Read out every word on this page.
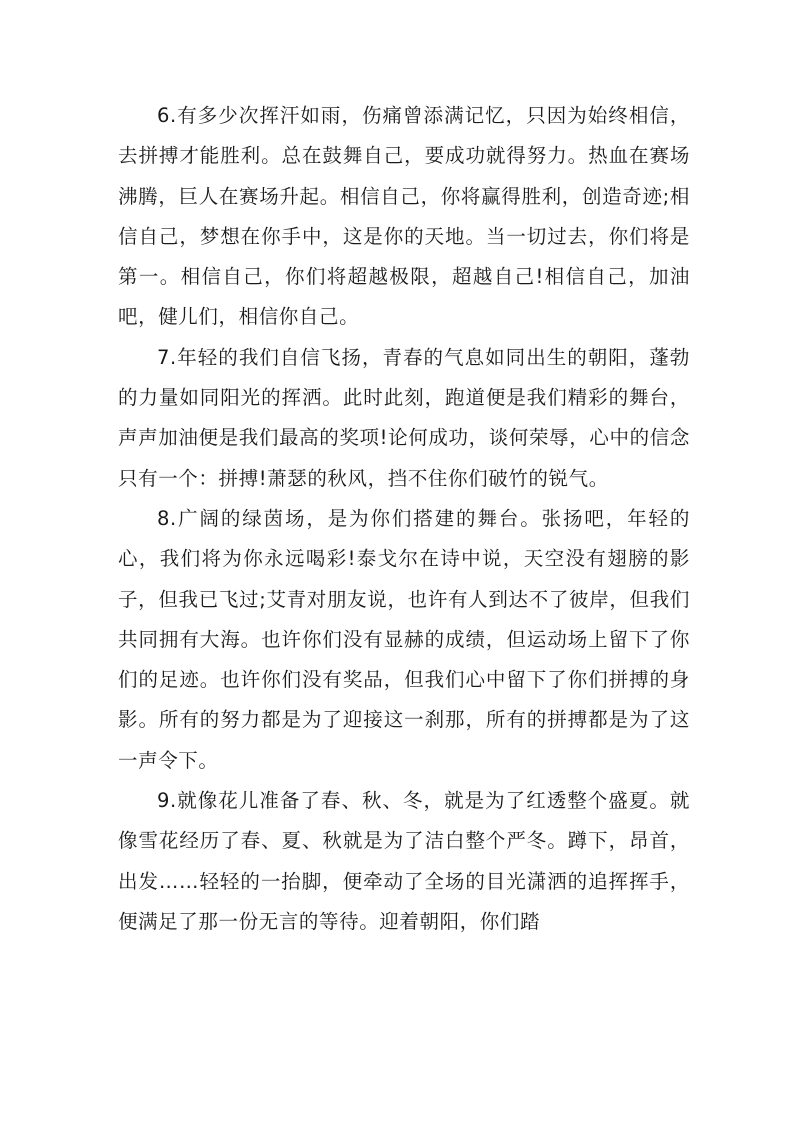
6.有多少次挥汗如雨，伤痛曾添满记忆，只因为始终相信，去拼搏才能胜利。总在鼓舞自己，要成功就得努力。热血在赛场沸腾，巨人在赛场升起。相信自己，你将赢得胜利，创造奇迹;相信自己，梦想在你手中，这是你的天地。当一切过去，你们将是第一。相信自己，你们将超越极限，超越自己!相信自己，加油吧，健儿们，相信你自己。

7.年轻的我们自信飞扬，青春的气息如同出生的朝阳，蓬勃的力量如同阳光的挥洒。此时此刻，跑道便是我们精彩的舞台，声声加油便是我们最高的奖项!论何成功，谈何荣辱，心中的信念只有一个：拼搏!萧瑟的秋风，挡不住你们破竹的锐气。

8.广阔的绿茵场，是为你们搭建的舞台。张扬吧，年轻的心，我们将为你永远喝彩!泰戈尔在诗中说，天空没有翅膀的影子，但我已飞过;艾青对朋友说，也许有人到达不了彼岸，但我们共同拥有大海。也许你们没有显赫的成绩，但运动场上留下了你们的足迹。也许你们没有奖品，但我们心中留下了你们拼搏的身影。所有的努力都是为了迎接这一刹那，所有的拼搏都是为了这一声令下。

9.就像花儿准备了春、秋、冬，就是为了红透整个盛夏。就像雪花经历了春、夏、秋就是为了洁白整个严冬。蹲下，昂首，出发……轻轻的一抬脚，便牵动了全场的目光潇洒的追挥挥手，便满足了那一份无言的等待。迎着朝阳，你们踏
